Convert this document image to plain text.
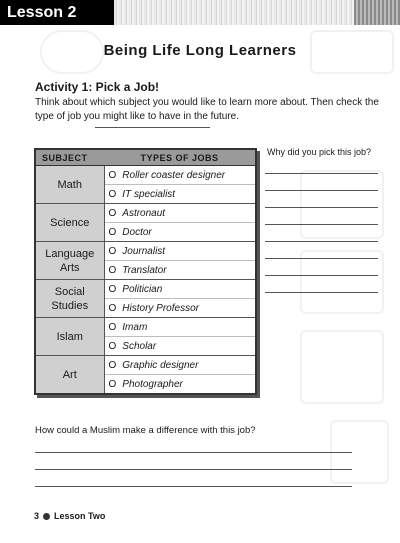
Lesson 2
Being Life Long Learners
Activity 1: Pick a Job!
Think about which subject you would like to learn more about. Then check the type of job you might like to have in the future.
SUBJECT	TYPES OF JOBS
Math	O Roller coaster designer
	O IT specialist
Science	O Astronaut
	O Doctor
Language Arts	O Journalist
	O Translator
Social Studies	O Politician
	O History Professor
Islam	O Imam
	O Scholar
Art	O Graphic designer
	O Photographer
Why did you pick this job?
How could a Muslim make a difference with this job?
3 Lesson Two
